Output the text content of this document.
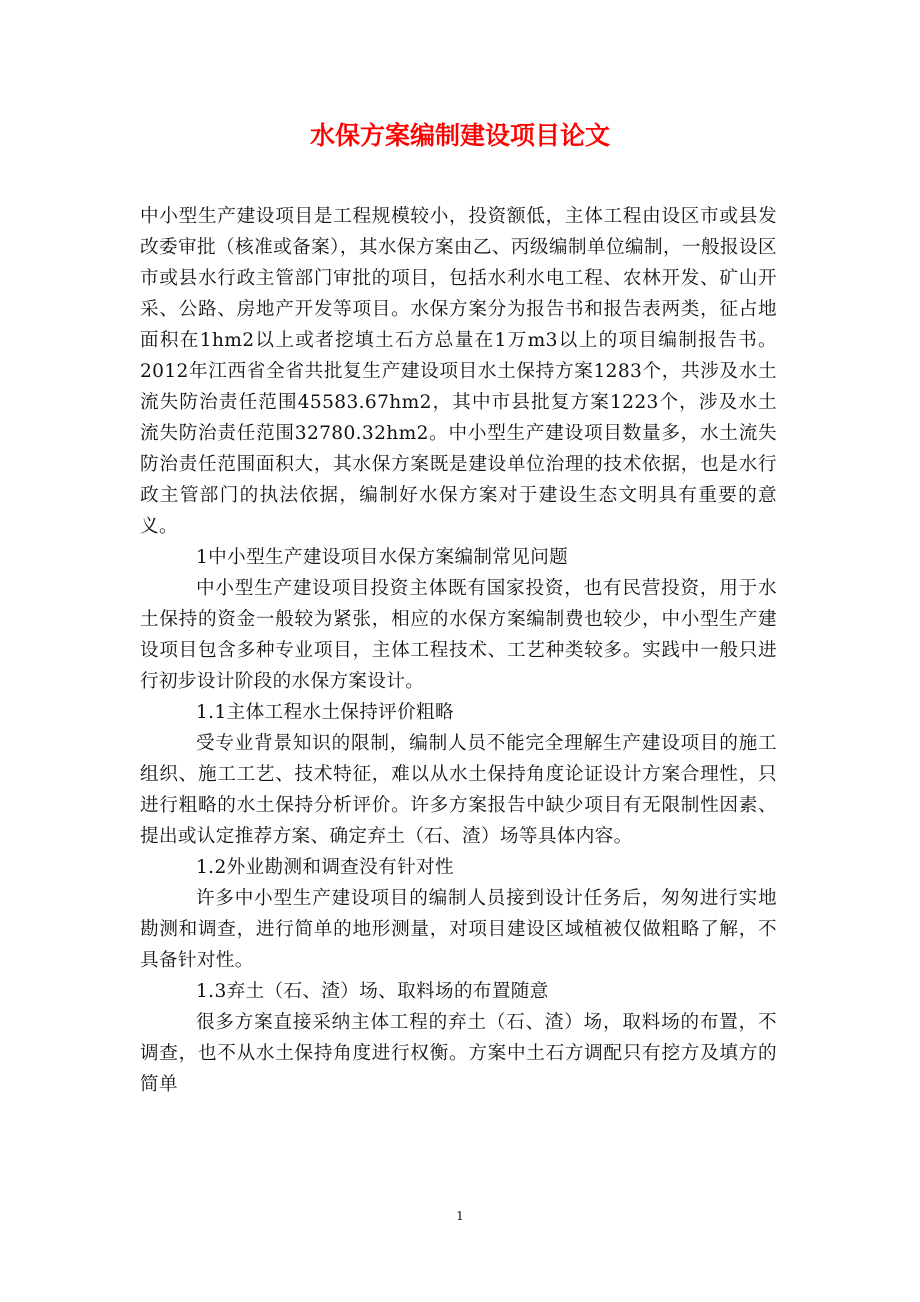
水保方案编制建设项目论文

中小型生产建设项目是工程规模较小，投资额低，主体工程由设区市或县发改委审批（核准或备案），其水保方案由乙、丙级编制单位编制，一般报设区市或县水行政主管部门审批的项目，包括水利水电工程、农林开发、矿山开采、公路、房地产开发等项目。水保方案分为报告书和报告表两类，征占地面积在1hm2以上或者挖填土石方总量在1万m3以上的项目编制报告书。2012年江西省全省共批复生产建设项目水土保持方案1283个，共涉及水土流失防治责任范围45583.67hm2，其中市县批复方案1223个，涉及水土流失防治责任范围32780.32hm2。中小型生产建设项目数量多，水土流失防治责任范围面积大，其水保方案既是建设单位治理的技术依据，也是水行政主管部门的执法依据，编制好水保方案对于建设生态文明具有重要的意义。

1中小型生产建设项目水保方案编制常见问题

中小型生产建设项目投资主体既有国家投资，也有民营投资，用于水土保持的资金一般较为紧张，相应的水保方案编制费也较少，中小型生产建设项目包含多种专业项目，主体工程技术、工艺种类较多。实践中一般只进行初步设计阶段的水保方案设计。

1.1主体工程水土保持评价粗略

受专业背景知识的限制，编制人员不能完全理解生产建设项目的施工组织、施工工艺、技术特征，难以从水土保持角度论证设计方案合理性，只进行粗略的水土保持分析评价。许多方案报告中缺少项目有无限制性因素、提出或认定推荐方案、确定弃土（石、渣）场等具体内容。

1.2外业勘测和调查没有针对性

许多中小型生产建设项目的编制人员接到设计任务后，匆匆进行实地勘测和调查，进行简单的地形测量，对项目建设区域植被仅做粗略了解，不具备针对性。

1.3弃土（石、渣）场、取料场的布置随意

很多方案直接采纳主体工程的弃土（石、渣）场，取料场的布置，不调查，也不从水土保持角度进行权衡。方案中土石方调配只有挖方及填方的简单

1
